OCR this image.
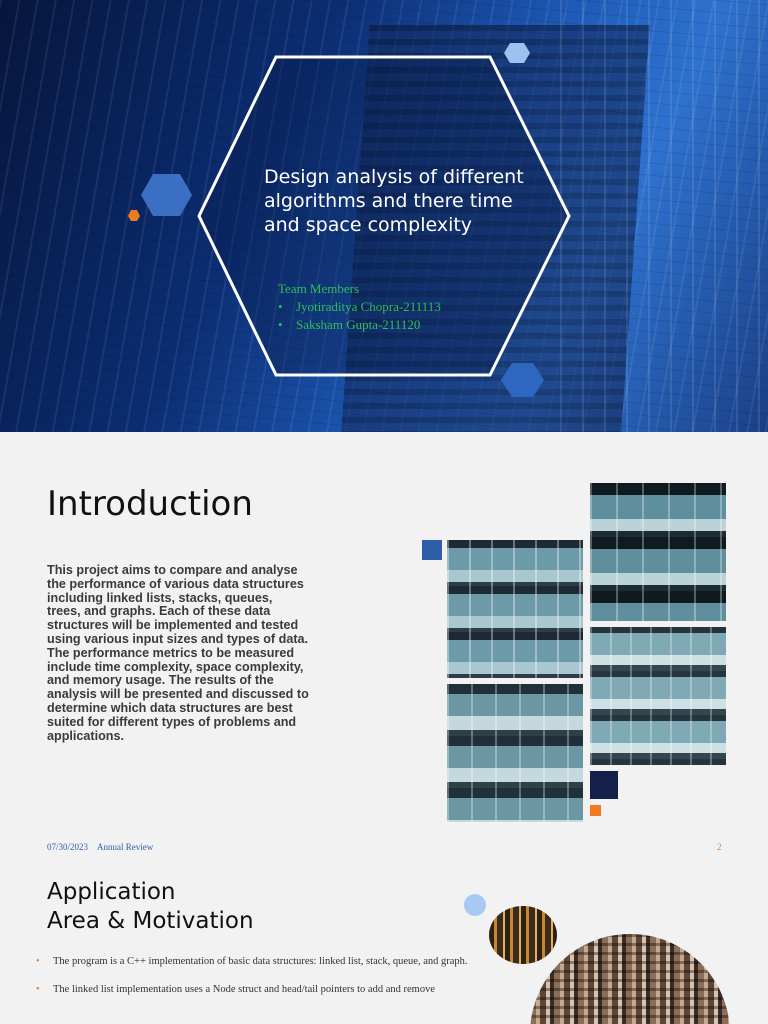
Design analysis of different algorithms and there time and space complexity
Team Members
• Jyotiraditya Chopra-211113
• Saksham Gupta-211120
Introduction

This project aims to compare and analyse the performance of various data structures including linked lists, stacks, queues, trees, and graphs. Each of these data structures will be implemented and tested using various input sizes and types of data. The performance metrics to be measured include time complexity, space complexity, and memory usage. The results of the analysis will be presented and discussed to determine which data structures are best suited for different types of problems and applications.

07/30/2023 Annual Review	2
Application
Area & Motivation
• The program is a C++ implementation of basic data structures: linked list, stack, queue, and graph.
• The linked list implementation uses a Node struct and head/tail pointers to add and remove
